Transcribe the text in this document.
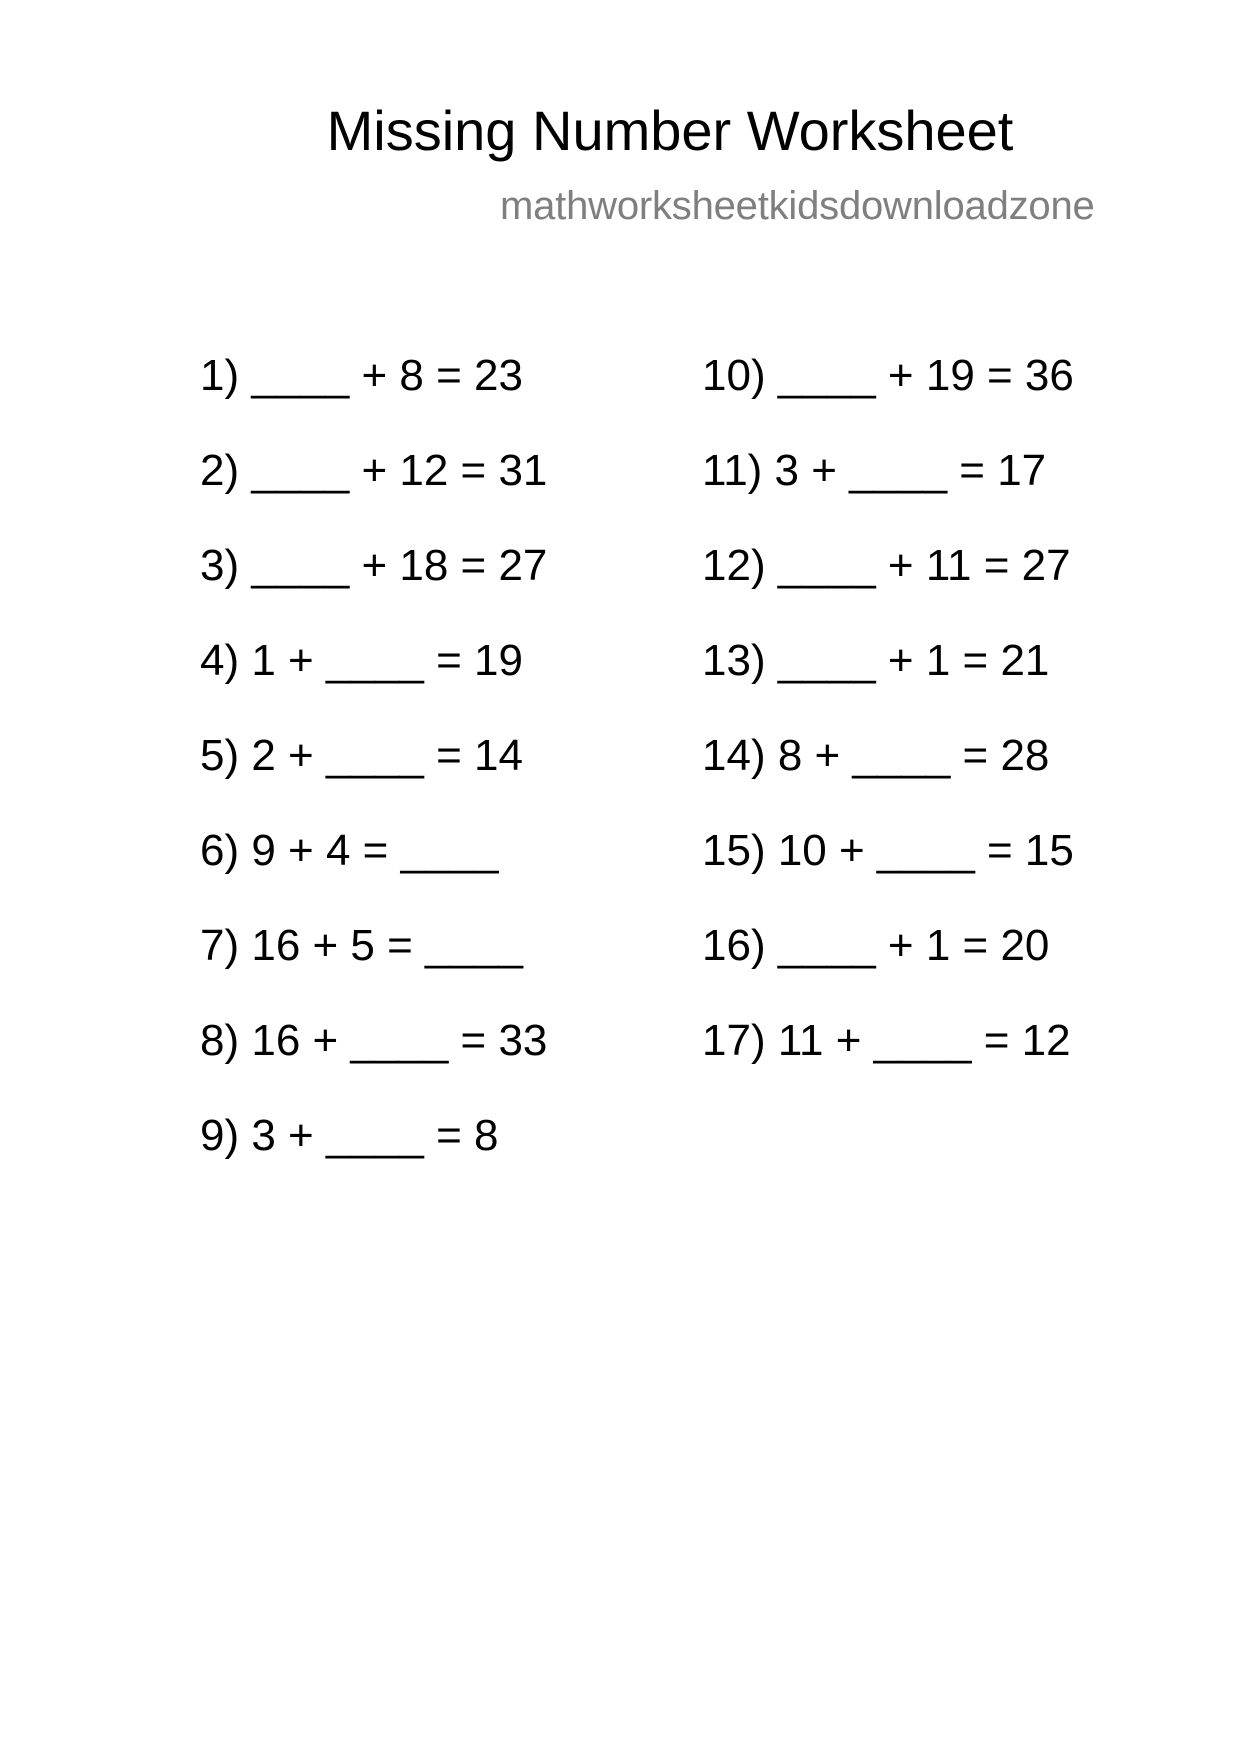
Missing Number Worksheet
mathworksheetkidsdownloadzone
1) ____ + 8 = 23
2) ____ + 12 = 31
3) ____ + 18 = 27
4) 1 + ____ = 19
5) 2 + ____ = 14
6) 9 + 4 = ____
7) 16 + 5 = ____
8) 16 + ____ = 33
9) 3 + ____ = 8
10) ____ + 19 = 36
11) 3 + ____ = 17
12) ____ + 11 = 27
13) ____ + 1 = 21
14) 8 + ____ = 28
15) 10 + ____ = 15
16) ____ + 1 = 20
17) 11 + ____ = 12
